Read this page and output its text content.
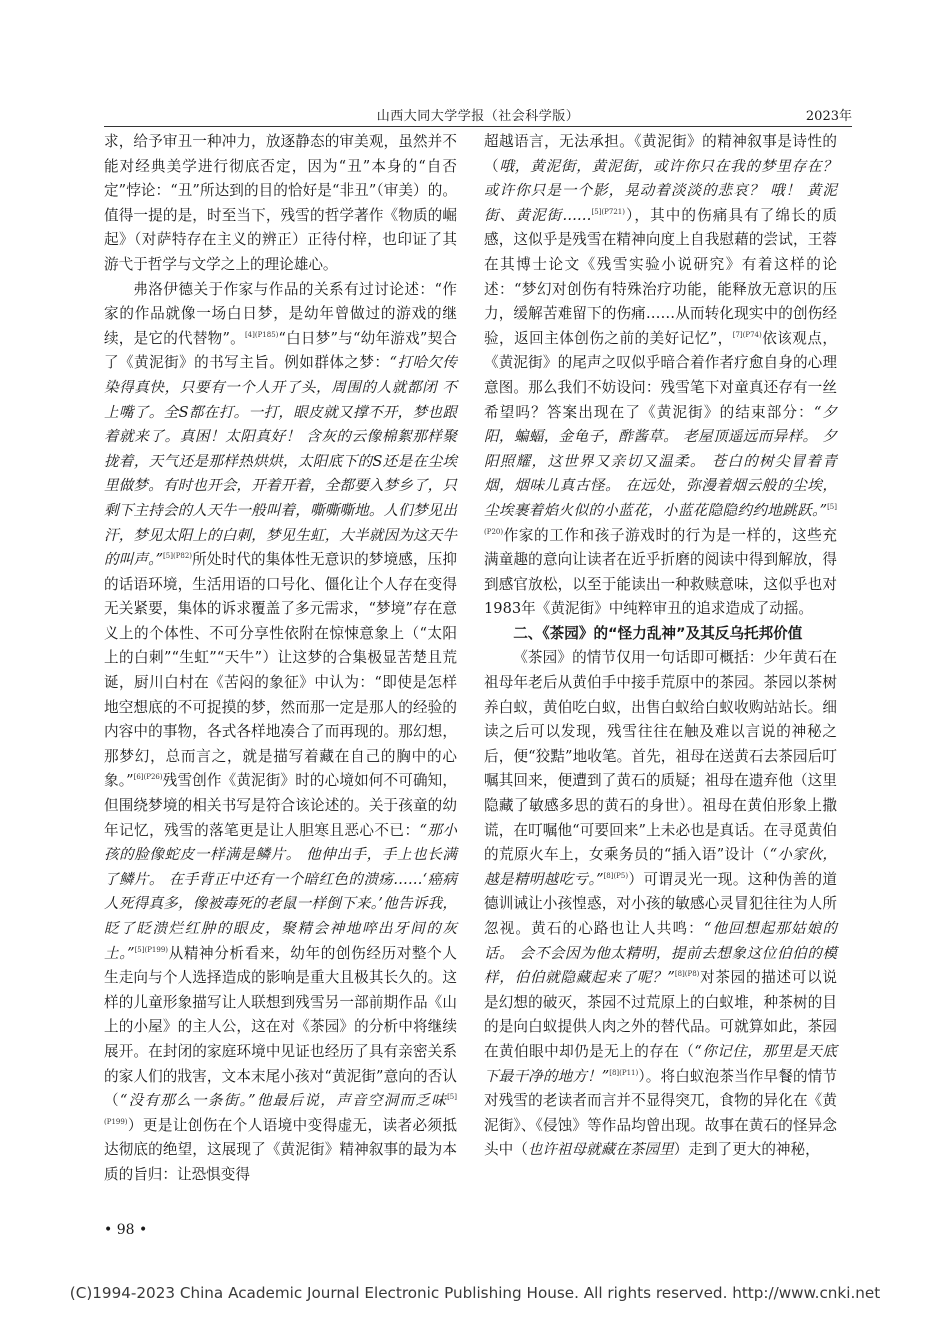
山西大同大学学报（社会科学版）	2023年

求，给予审丑一种冲力，放逐静态的审美观，虽然并不能对经典美学进行彻底否定，因为“丑”本身的“自否定”悖论：“丑”所达到的目的恰好是“非丑”（审美）的。值得一提的是，时至当下，残雪的哲学著作《物质的崛起》（对萨特存在主义的辨正）正待付梓，也印证了其游弋于哲学与文学之上的理论雄心。

弗洛伊德关于作家与作品的关系有过讨论述：“作家的作品就像一场白日梦，是幼年曾做过的游戏的继续，是它的代替物”。$^{[4](P185)}$“白日梦”与“幼年游戏”契合了《黄泥街》的书写主旨。例如群体之梦：“打哈欠传染得真快，只要有一个人开了头，周围的人就都闭 不上嘴了。全S都在打。一打，眼皮就又撑不开，梦也跟着就来了。真困！太阳真好！ 含灰的云像棉絮那样聚拢着，天气还是那样热烘烘，太阳底下的S还是在尘埃里做梦。有时也开会，开着开着，全都要入梦乡了，只剩下主持会的人天牛一般叫着，嘶嘶嘶地。人们梦见出汗，梦见太阳上的白刺，梦见生虹，大半就因为这天牛的叫声。”$^{[5](P82)}$所处时代的集体性无意识的梦境感，压抑的话语环境，生活用语的口号化、僵化让个人存在变得无关紧要，集体的诉求覆盖了多元需求，“梦境”存在意义上的个体性、不可分享性依附在惊悚意象上（“太阳上的白刺”“生虹”“天牛”）让这梦的合集极显苦楚且荒诞，厨川白村在《苦闷的象征》中认为：“即使是怎样地空想底的不可捉摸的梦，然而那一定是那人的经验的内容中的事物，各式各样地凑合了而再现的。那幻想，那梦幻，总而言之，就是描写着藏在自己的胸中的心象。”$^{[6](P26)}$残雪创作《黄泥街》时的心境如何不可确知，但围绕梦境的相关书写是符合该论述的。关于孩童的幼年记忆，残雪的落笔更是让人胆寒且恶心不已：“那小孩的脸像蛇皮一样满是鳞片。 他伸出手，手上也长满了鳞片。 在手背正中还有一个暗红色的溃疡……‘癌病人死得真多，像被毒死的老鼠一样倒下来。’他告诉我，眨了眨溃烂红肿的眼皮，聚精会神地啐出牙间的灰土。”$^{[5](P199)}$从精神分析看来，幼年的创伤经历对整个人生走向与个人选择造成的影响是重大且极其长久的。这样的儿童形象描写让人联想到残雪另一部前期作品《山上的小屋》的主人公，这在对《茶园》的分析中将继续展开。在封闭的家庭环境中见证也经历了具有亲密关系的家人们的戕害，文本末尾小孩对“黄泥街”意向的否认（“没有那么一条街。”他最后说，声音空洞而乏味$^{[5](P199)}$）更是让创伤在个人语境中变得虚无，读者必须抵达彻底的绝望，这展现了《黄泥街》精神叙事的最为本质的旨归：让恐惧变得

超越语言，无法承担。《黄泥街》的精神叙事是诗性的（哦，黄泥街，黄泥街，或许你只在我的梦里存在？ 或许你只是一个影，晃动着淡淡的悲哀？ 哦！ 黄泥街、黄泥街……$^{[5](P721)}$），其中的伤痛具有了绵长的质感，这似乎是残雪在精神向度上自我慰藉的尝试，王蓉在其博士论文《残雪实验小说研究》有着这样的论述：“梦幻对创伤有特殊治疗功能，能释放无意识的压力，缓解苦难留下的伤痛……从而转化现实中的创伤经验，返回主体创伤之前的美好记忆”，$^{[7](P74)}$依该观点，《黄泥街》的尾声之叹似乎暗合着作者疗愈自身的心理意图。那么我们不妨设问：残雪笔下对童真还存有一丝希望吗？答案出现在了《黄泥街》的结束部分：“夕阳，蝙蝠，金龟子，酢酱草。 老屋顶遥远而异样。 夕阳照耀，这世界又亲切又温柔。 苍白的树尖冒着青烟，烟味儿真古怪。 在远处，弥漫着烟云般的尘埃，尘埃裹着焰火似的小蓝花，小蓝花隐隐约约地跳跃。”$^{[5](P20)}$作家的工作和孩子游戏时的行为是一样的，这些充满童趣的意向让读者在近乎折磨的阅读中得到解放，得到感官放松，以至于能读出一种救赎意味，这似乎也对1983年《黄泥街》中纯粹审丑的追求造成了动摇。

二、《茶园》的“怪力乱神”及其反乌托邦价值

《茶园》的情节仅用一句话即可概括：少年黄石在祖母年老后从黄伯手中接手荒原中的茶园。茶园以茶树养白蚁，黄伯吃白蚁，出售白蚁给白蚁收购站站长。细读之后可以发现，残雪往往在触及难以言说的神秘之后，便“狡黠”地收笔。首先，祖母在送黄石去茶园后叮嘱其回来，便遭到了黄石的质疑；祖母在遗弃他（这里隐藏了敏感多思的黄石的身世）。祖母在黄伯形象上撒谎，在叮嘱他“可要回来”上未必也是真话。在寻觅黄伯的荒原火车上，女乘务员的“插入语”设计（“小家伙，越是精明越吃亏。”$^{[8](P5)}$）可谓灵光一现。这种伪善的道德训诫让小孩惶惑，对小孩的敏感心灵冒犯往往为人所忽视。黄石的心路也让人共鸣：“他回想起那姑娘的话。 会不会因为他太精明，提前去想象这位伯伯的模样，伯伯就隐藏起来了呢？”$^{[8](P8)}$对茶园的描述可以说是幻想的破灭，茶园不过荒原上的白蚁堆，种茶树的目的是向白蚁提供人肉之外的替代品。可就算如此，茶园在黄伯眼中却仍是无上的存在（“你记住，那里是天底下最干净的地方！”$^{[8](P11)}$）。将白蚁泡茶当作早餐的情节对残雪的老读者而言并不显得突兀，食物的异化在《黄泥街》、《侵蚀》等作品均曾出现。故事在黄石的怪异念头中（也许祖母就藏在茶园里）走到了更大的神秘，

• 98 •
(C)1994-2023 China Academic Journal Electronic Publishing House. All rights reserved. http://www.cnki.net
